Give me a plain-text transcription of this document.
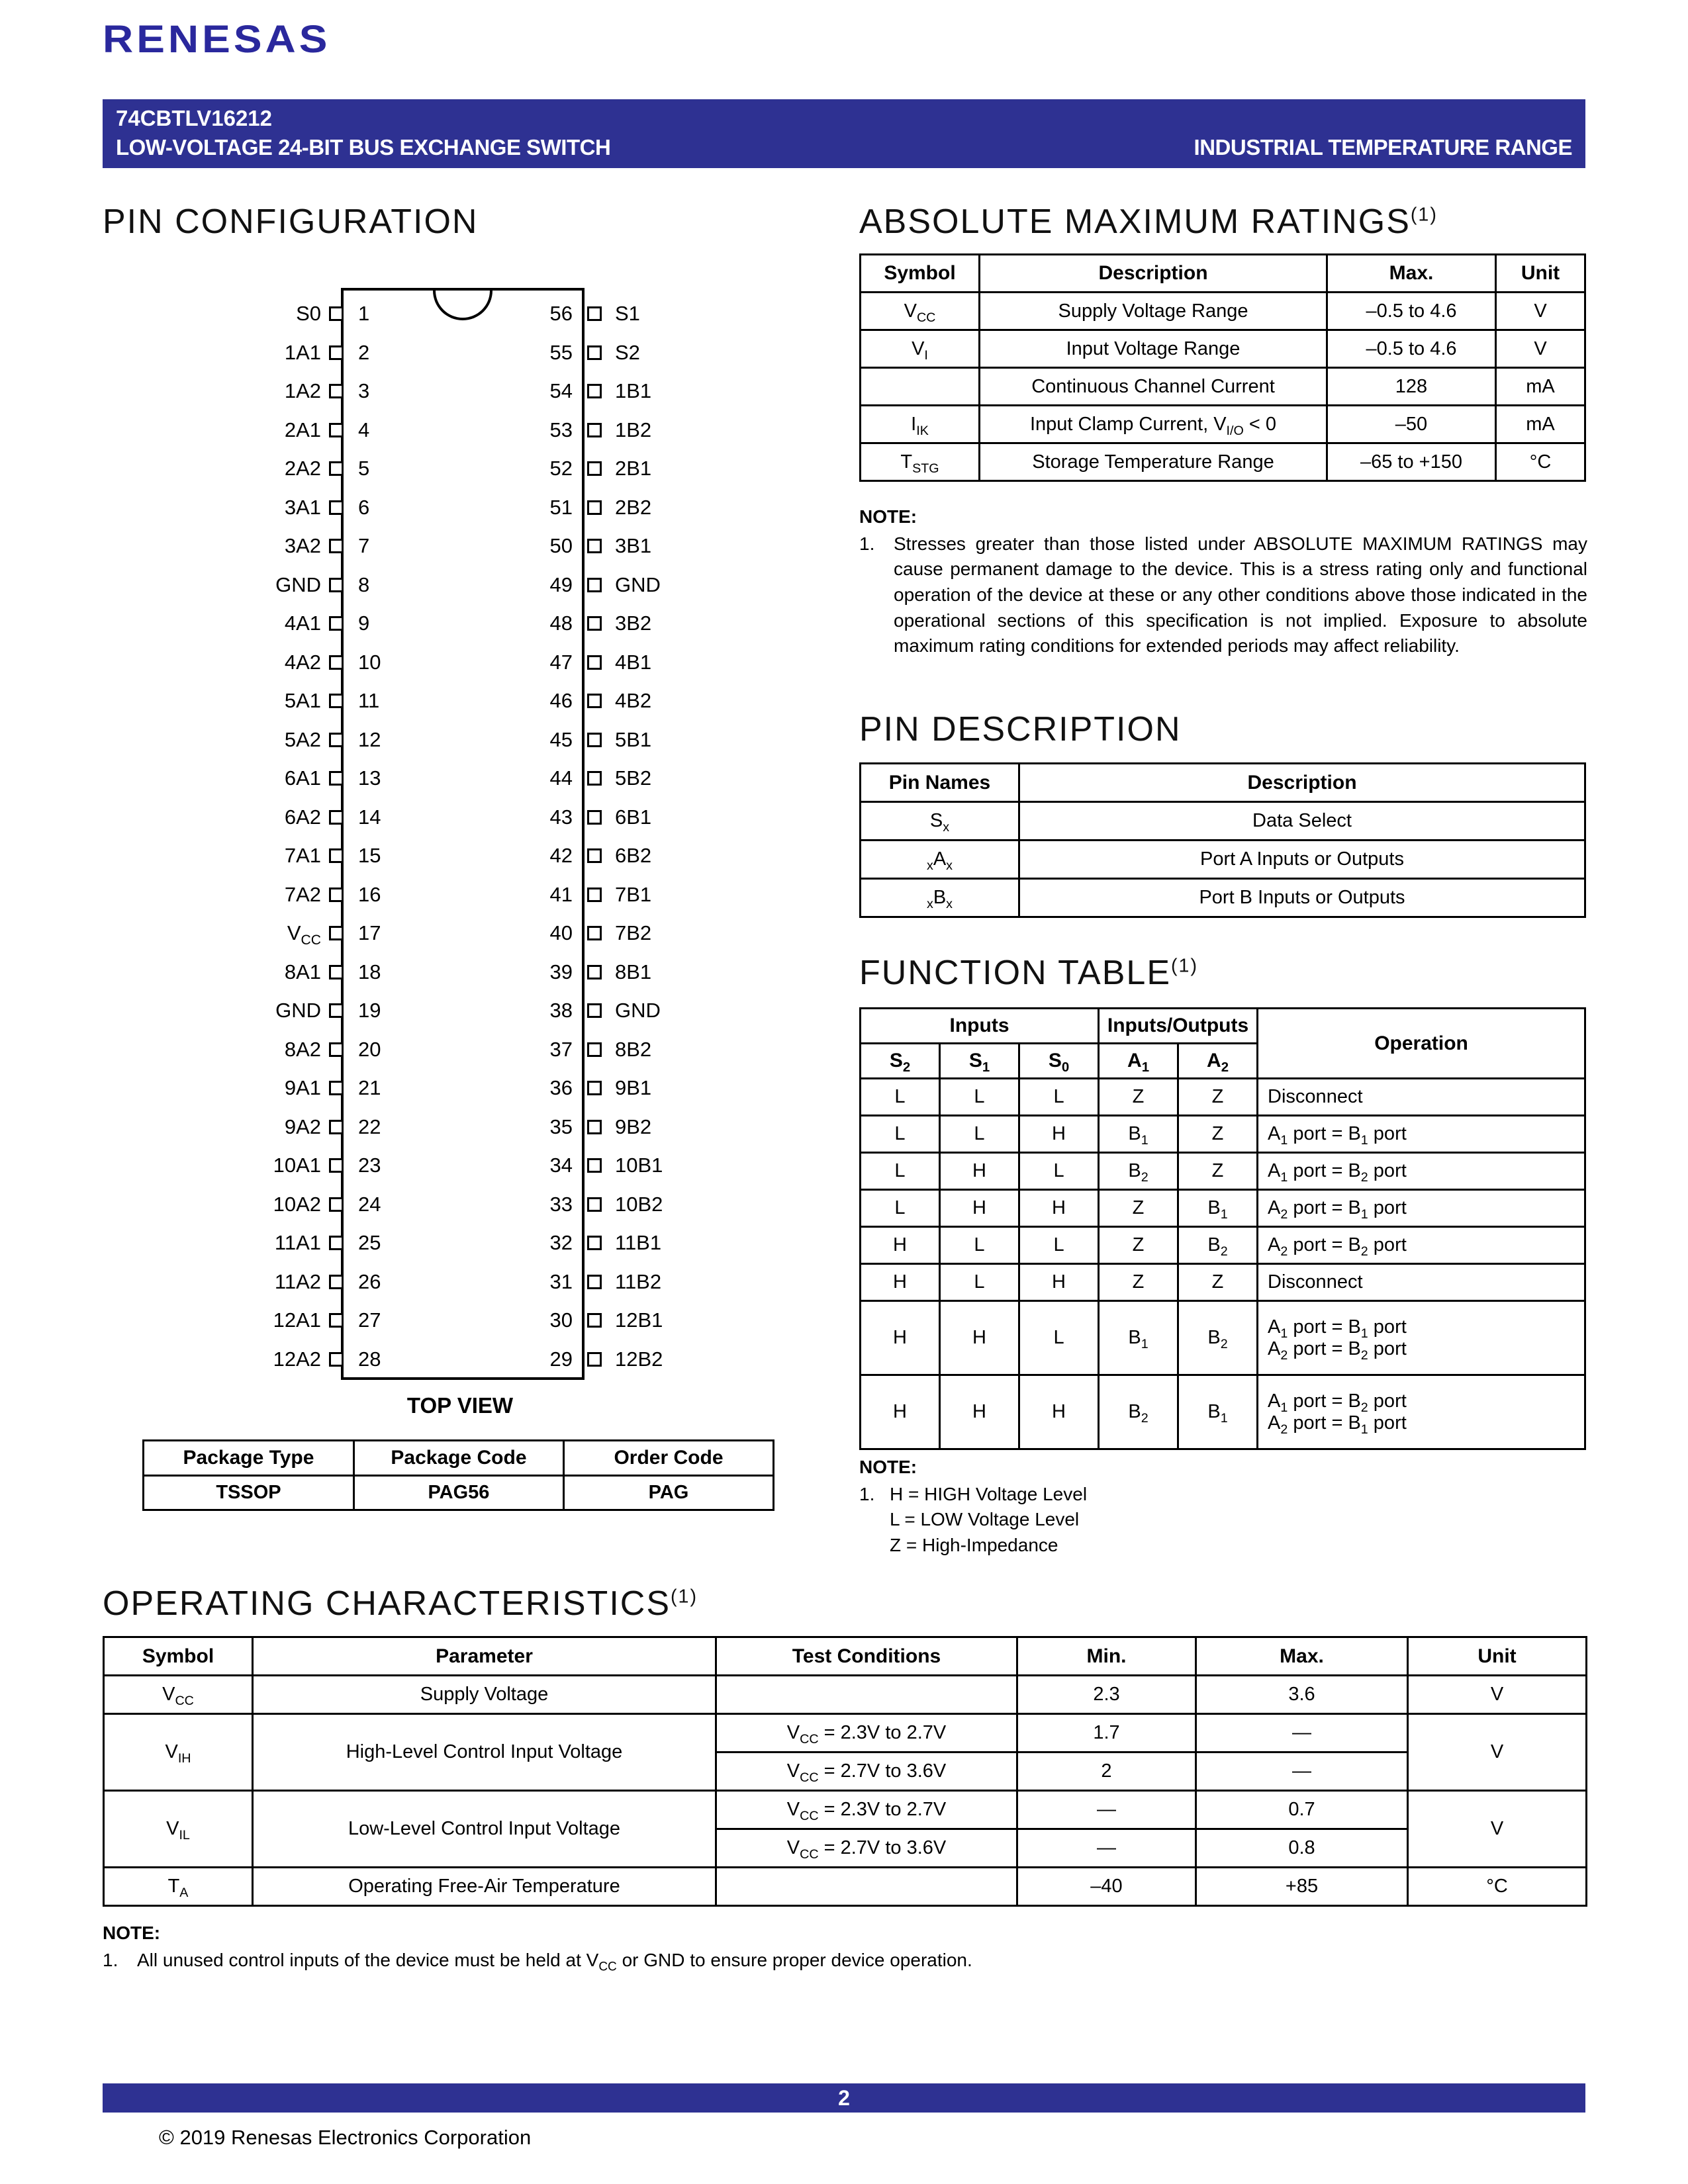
RENESAS
74CBTLV16212
LOW-VOLTAGE 24-BIT BUS EXCHANGE SWITCH	INDUSTRIAL TEMPERATURE RANGE
PIN CONFIGURATION
S0 1
1A1 2
1A2 3
2A1 4
2A2 5
3A1 6
3A2 7
GND 8
4A1 9
4A2 10
5A1 11
5A2 12
6A1 13
6A2 14
7A1 15
7A2 16
$V_{CC}$ 17
8A1 18
GND 19
8A2 20
9A1 21
9A2 22
10A1 23
10A2 24
11A1 25
11A2 26
12A1 27
12A2 28
56 S1
55 S2
54 1B1
53 1B2
52 2B1
51 2B2
50 3B1
49 GND
48 3B2
47 4B1
46 4B2
45 5B1
44 5B2
43 6B1
42 6B2
41 7B1
40 7B2
39 8B1
38 GND
37 8B2
36 9B1
35 9B2
34 10B1
33 10B2
32 11B1
31 11B2
30 12B1
29 12B2
TOP VIEW
Package Type	Package Code	Order Code
TSSOP	PAG56	PAG
ABSOLUTE MAXIMUM RATINGS$^{(1)}$
Symbol	Description	Max.	Unit
$V_{CC}$	Supply Voltage Range	–0.5 to 4.6	V
$V_I$	Input Voltage Range	–0.5 to 4.6	V
	Continuous Channel Current	128	mA
$I_{IK}$	Input Clamp Current, $V_{I/O} < 0$	–50	mA
$T_{STG}$	Storage Temperature Range	–65 to +150	°C
NOTE:
1. Stresses greater than those listed under ABSOLUTE MAXIMUM RATINGS may cause permanent damage to the device. This is a stress rating only and functional operation of the device at these or any other conditions above those indicated in the operational sections of this specification is not implied. Exposure to absolute maximum rating conditions for extended periods may affect reliability.
PIN DESCRIPTION
Pin Names	Description
$S_x$	Data Select
$_xA_x$	Port A Inputs or Outputs
$_xB_x$	Port B Inputs or Outputs
FUNCTION TABLE$^{(1)}$
Inputs			Inputs/Outputs		Operation
$S_2$	$S_1$	$S_0$	$A_1$	$A_2$
L	L	L	Z	Z	Disconnect
L	L	H	$B_1$	Z	$A_1$ port = $B_1$ port
L	H	L	$B_2$	Z	$A_1$ port = $B_2$ port
L	H	H	Z	$B_1$	$A_2$ port = $B_1$ port
H	L	L	Z	$B_2$	$A_2$ port = $B_2$ port
H	L	H	Z	Z	Disconnect
H	H	L	$B_1$	$B_2$	$A_1$ port = $B_1$ port
$A_2$ port = $B_2$ port
H	H	H	$B_2$	$B_1$	$A_1$ port = $B_2$ port
$A_2$ port = $B_1$ port
NOTE:
1. H = HIGH Voltage Level
L = LOW Voltage Level
Z = High-Impedance
OPERATING CHARACTERISTICS$^{(1)}$
Symbol	Parameter	Test Conditions	Min.	Max.	Unit
$V_{CC}$	Supply Voltage		2.3	3.6	V
$V_{IH}$	High-Level Control Input Voltage	$V_{CC} = 2.3V$ to 2.7V	1.7	—	V
		$V_{CC} = 2.7V$ to 3.6V	2	—	
$V_{IL}$	Low-Level Control Input Voltage	$V_{CC} = 2.3V$ to 2.7V	—	0.7	V
		$V_{CC} = 2.7V$ to 3.6V	—	0.8	
$T_A$	Operating Free-Air Temperature		–40	+85	°C
NOTE:
1. All unused control inputs of the device must be held at $V_{CC}$ or GND to ensure proper device operation.
2
© 2019 Renesas Electronics Corporation
